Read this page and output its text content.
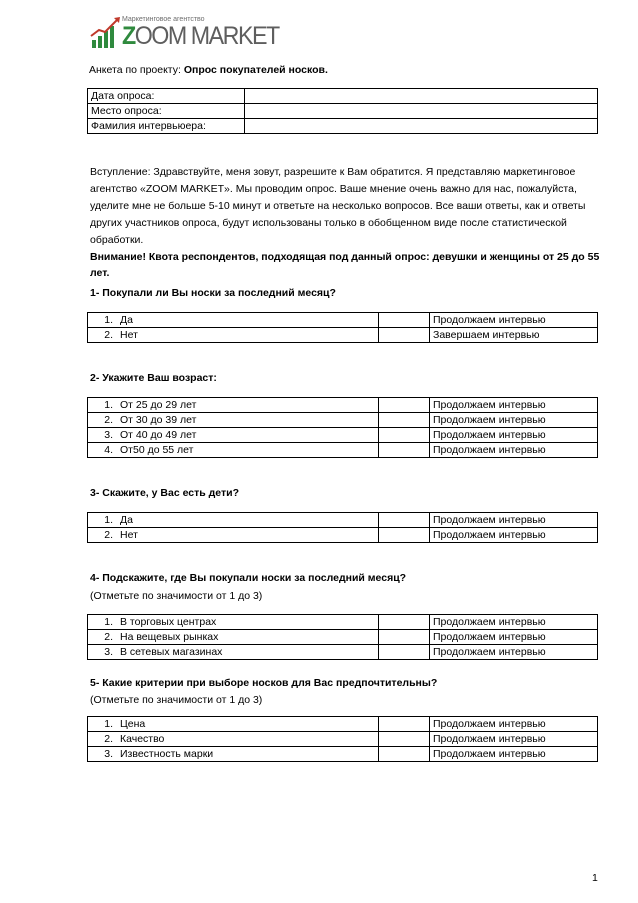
Маркетинговое агентство
ZOOM MARKET
Анкета по проекту: Опрос покупателей носков.
Дата опроса:	
Место опроса:	
Фамилия интервьюера:	
Вступление: Здравствуйте, меня зовут, разрешите к Вам обратится. Я представляю маркетинговое агентство «ZOOM MARKET». Мы проводим опрос. Ваше мнение очень важно для нас, пожалуйста, уделите мне не больше 5-10 минут и ответьте на несколько вопросов. Все ваши ответы, как и ответы других участников опроса, будут использованы только в обобщенном виде после статистической обработки.
Внимание! Квота респондентов, подходящая под данный опрос: девушки и женщины от 25 до 55 лет.
1- Покупали ли Вы носки за последний месяц?
1.	Да		Продолжаем интервью
2.	Нет		Завершаем интервью
2- Укажите Ваш возраст:
1.	От 25 до 29 лет		Продолжаем интервью
2.	От 30 до 39 лет		Продолжаем интервью
3.	От 40 до 49 лет		Продолжаем интервью
4.	От50 до 55 лет		Продолжаем интервью
3- Скажите, у Вас есть дети?
1.	Да		Продолжаем интервью
2.	Нет		Продолжаем интервью
4- Подскажите, где Вы покупали носки за последний месяц?
(Отметьте по значимости от 1 до 3)
1.	В торговых центрах		Продолжаем интервью
2.	На вещевых рынках		Продолжаем интервью
3.	В сетевых магазинах		Продолжаем интервью
5- Какие критерии при выборе носков для Вас предпочтительны?
(Отметьте по значимости от 1 до 3)
1.	Цена		Продолжаем интервью
2.	Качество		Продолжаем интервью
3.	Известность марки		Продолжаем интервью
1
